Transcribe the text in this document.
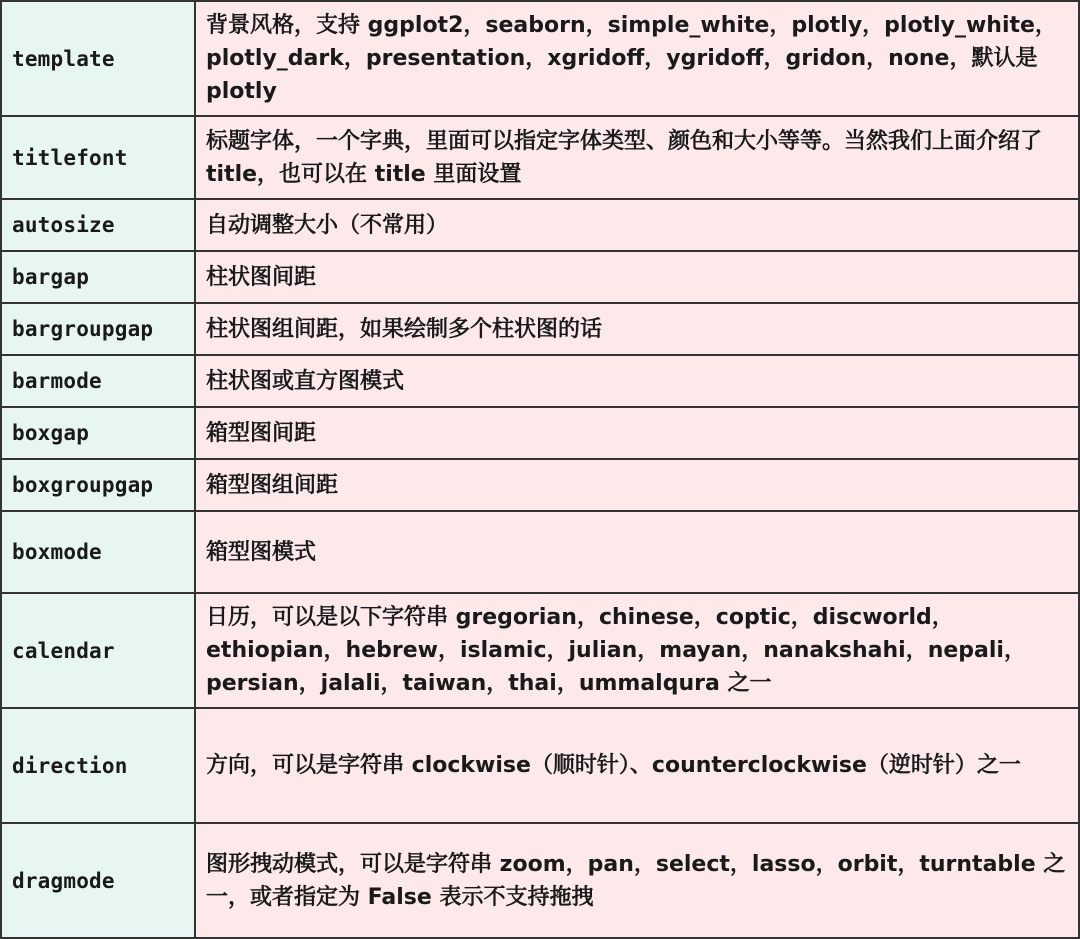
template	背景风格，支持 ggplot2，seaborn，simple_white，plotly，plotly_white，plotly_dark，presentation，xgridoff，ygridoff，gridon，none，默认是 plotly
titlefont	标题字体，一个字典，里面可以指定字体类型、颜色和大小等等。当然我们上面介绍了 title，也可以在 title 里面设置
autosize	自动调整大小（不常用）
bargap	柱状图间距
bargroupgap	柱状图组间距，如果绘制多个柱状图的话
barmode	柱状图或直方图模式
boxgap	箱型图间距
boxgroupgap	箱型图组间距
boxmode	箱型图模式
calendar	日历，可以是以下字符串 gregorian，chinese，coptic，discworld，ethiopian，hebrew，islamic，julian，mayan，nanakshahi，nepali，persian，jalali，taiwan，thai，ummalqura 之一
direction	方向，可以是字符串 clockwise（顺时针）、counterclockwise（逆时针）之一
dragmode	图形拽动模式，可以是字符串 zoom，pan，select，lasso，orbit，turntable 之一，或者指定为 False 表示不支持拖拽
